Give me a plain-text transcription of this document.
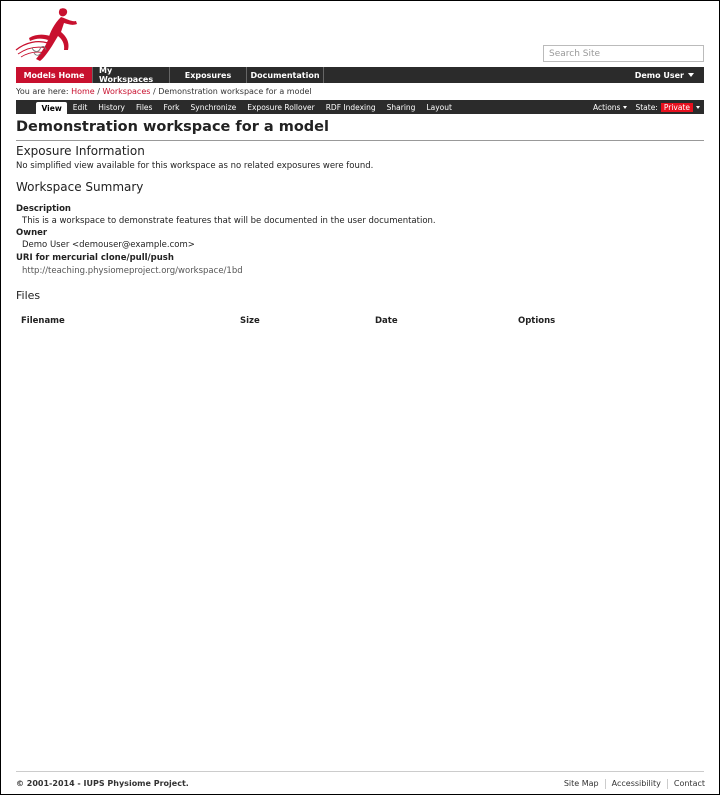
Search Site
Models Home	My Workspaces	Exposures	Documentation	Demo User
You are here: Home / Workspaces / Demonstration workspace for a model
View	Edit	History	Files	Fork	Synchronize	Exposure Rollover	RDF Indexing	Sharing	Layout	Actions State: Private
Demonstration workspace for a model
Exposure Information
No simplified view available for this workspace as no related exposures were found.
Workspace Summary
Description
This is a workspace to demonstrate features that will be documented in the user documentation.
Owner
Demo User <demouser@example.com>
URI for mercurial clone/pull/push
http://teaching.physiomeproject.org/workspace/1bd
Files
Filename	Size	Date	Options
© 2001-2014 - IUPS Physiome Project.	Site Map	Accessibility	Contact
